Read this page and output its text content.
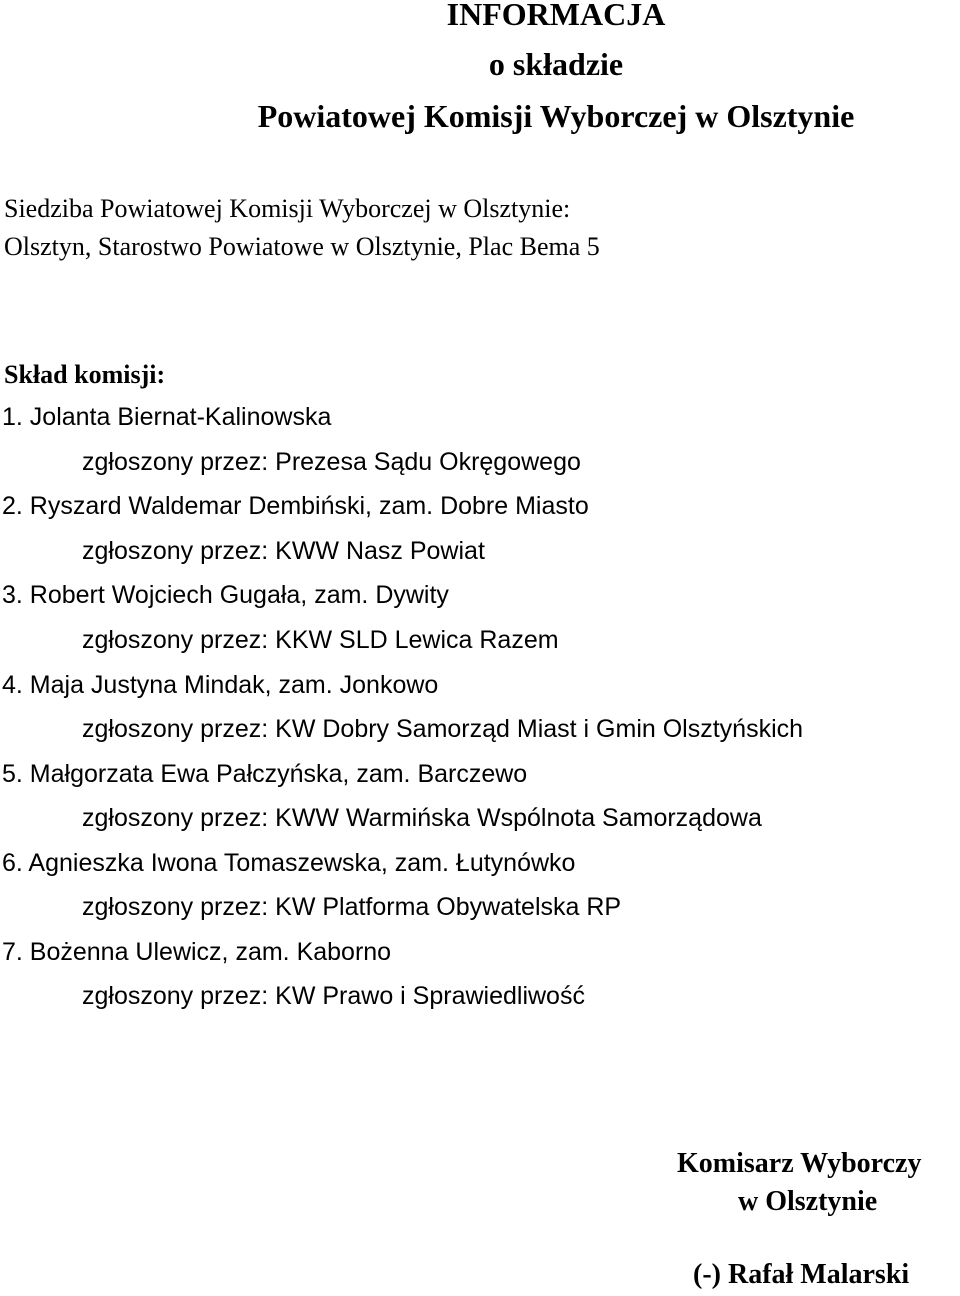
INFORMACJA
o składzie
Powiatowej Komisji Wyborczej w Olsztynie
Siedziba Powiatowej Komisji Wyborczej w Olsztynie:
Olsztyn, Starostwo Powiatowe w Olsztynie, Plac Bema 5
Skład komisji:
1. Jolanta Biernat-Kalinowska
zgłoszony przez: Prezesa Sądu Okręgowego
2. Ryszard Waldemar Dembiński, zam. Dobre Miasto
zgłoszony przez: KWW Nasz Powiat
3. Robert Wojciech Gugała, zam. Dywity
zgłoszony przez: KKW SLD Lewica Razem
4. Maja Justyna Mindak, zam. Jonkowo
zgłoszony przez: KW Dobry Samorząd Miast i Gmin Olsztyńskich
5. Małgorzata Ewa Pałczyńska, zam. Barczewo
zgłoszony przez: KWW Warmińska Wspólnota Samorządowa
6. Agnieszka Iwona Tomaszewska, zam. Łutynówko
zgłoszony przez: KW Platforma Obywatelska RP
7. Bożenna Ulewicz, zam. Kaborno
zgłoszony przez: KW Prawo i Sprawiedliwość
Komisarz Wyborczy
w Olsztynie
(-) Rafał Malarski
